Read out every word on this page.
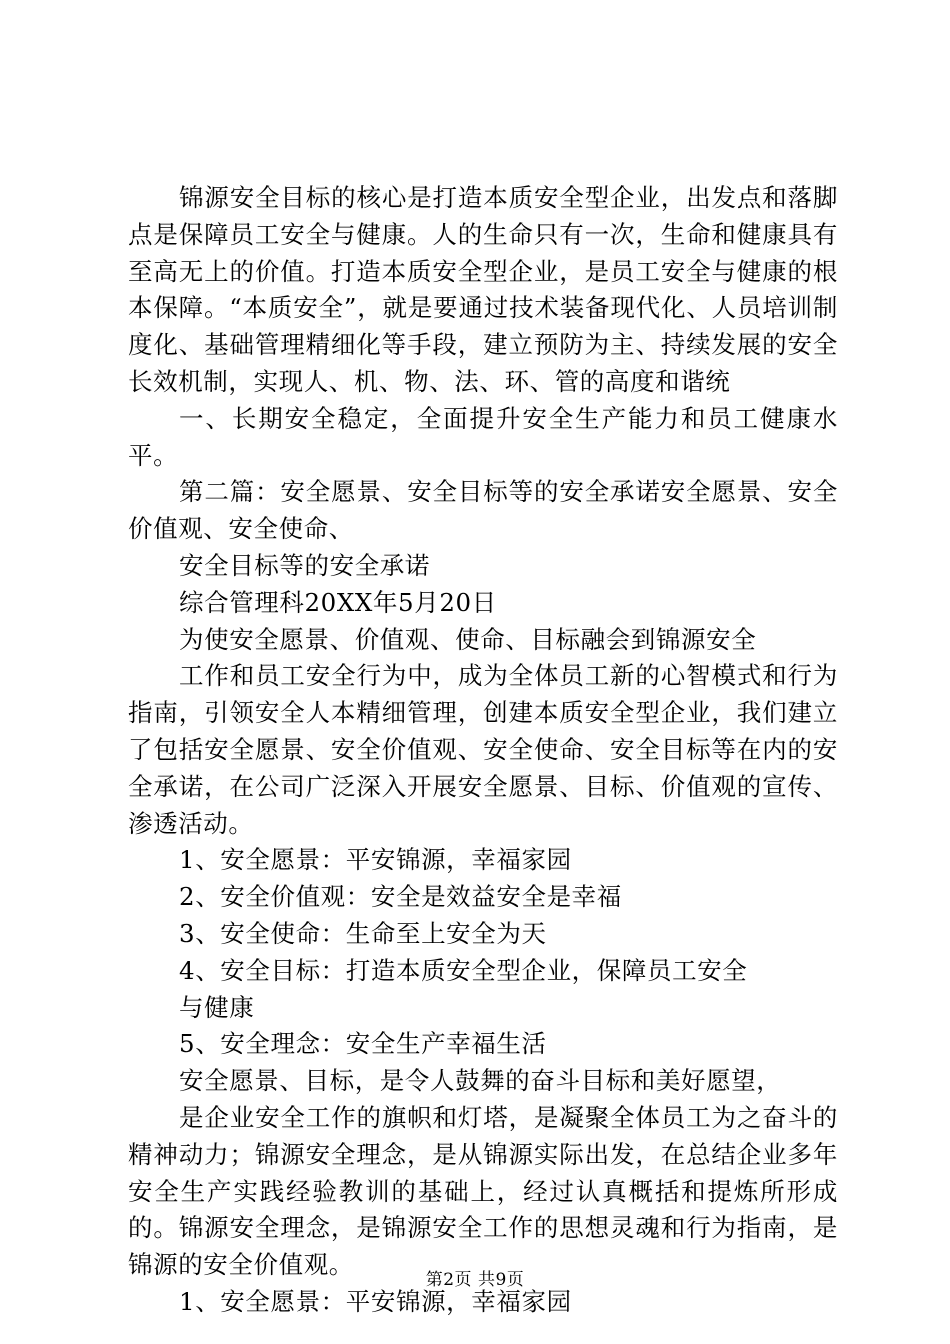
锦源安全目标的核心是打造本质安全型企业，出发点和落脚点是保障员工安全与健康。人的生命只有一次，生命和健康具有至高无上的价值。打造本质安全型企业，是员工安全与健康的根本保障。“本质安全”，就是要通过技术装备现代化、人员培训制度化、基础管理精细化等手段，建立预防为主、持续发展的安全长效机制，实现人、机、物、法、环、管的高度和谐统

一、长期安全稳定，全面提升安全生产能力和员工健康水平。

第二篇：安全愿景、安全目标等的安全承诺安全愿景、安全价值观、安全使命、

安全目标等的安全承诺

综合管理科20XX年5月20日

为使安全愿景、价值观、使命、目标融会到锦源安全

工作和员工安全行为中，成为全体员工新的心智模式和行为指南，引领安全人本精细管理，创建本质安全型企业，我们建立了包括安全愿景、安全价值观、安全使命、安全目标等在内的安全承诺，在公司广泛深入开展安全愿景、目标、价值观的宣传、渗透活动。

1、安全愿景：平安锦源，幸福家园

2、安全价值观：安全是效益安全是幸福

3、安全使命：生命至上安全为天

4、安全目标：打造本质安全型企业，保障员工安全

与健康

5、安全理念：安全生产幸福生活

安全愿景、目标，是令人鼓舞的奋斗目标和美好愿望，

是企业安全工作的旗帜和灯塔，是凝聚全体员工为之奋斗的精神动力；锦源安全理念，是从锦源实际出发，在总结企业多年安全生产实践经验教训的基础上，经过认真概括和提炼所形成的。锦源安全理念，是锦源安全工作的思想灵魂和行为指南，是锦源的安全价值观。

1、安全愿景：平安锦源，幸福家园

第2页 共9页
